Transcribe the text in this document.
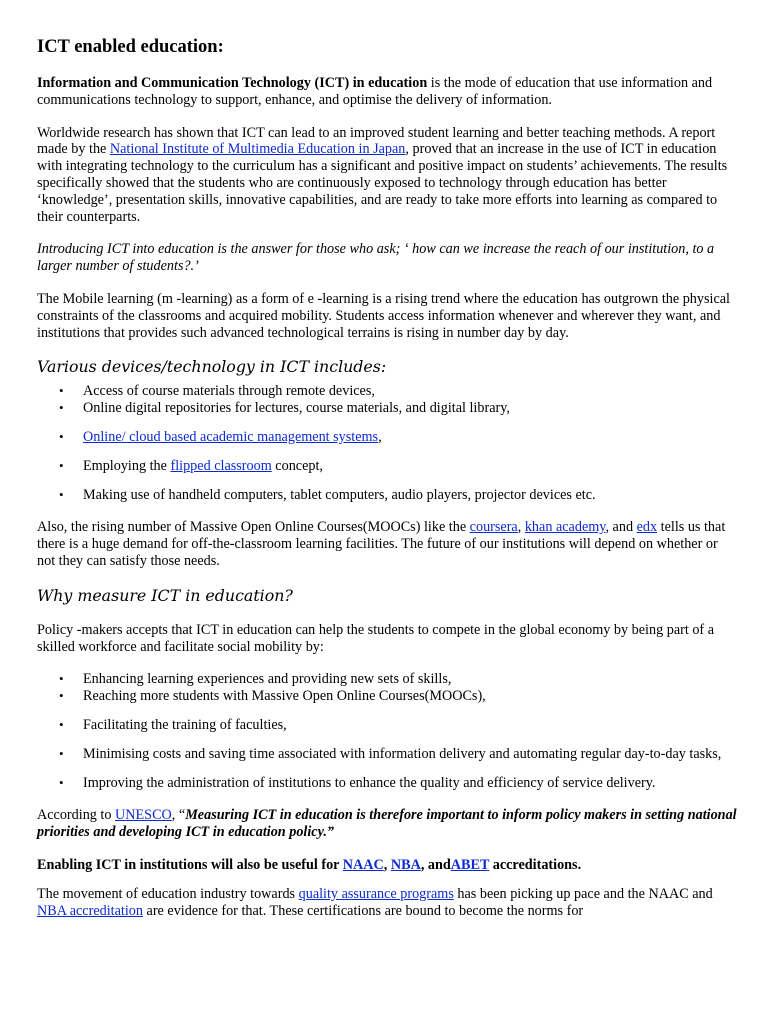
ICT enabled education:

Information and Communication Technology (ICT) in education is the mode of education that use information and communications technology to support, enhance, and optimise the delivery of information.

Worldwide research has shown that ICT can lead to an improved student learning and better teaching methods. A report made by the National Institute of Multimedia Education in Japan, proved that an increase in the use of ICT in education with integrating technology to the curriculum has a significant and positive impact on students’ achievements. The results specifically showed that the students who are continuously exposed to technology through education has better ‘knowledge’, presentation skills, innovative capabilities, and are ready to take more efforts into learning as compared to their counterparts.

Introducing ICT into education is the answer for those who ask; ‘ how can we increase the reach of our institution, to a larger number of students?.’

The Mobile learning (m -learning) as a form of e -learning is a rising trend where the education has outgrown the physical constraints of the classrooms and acquired mobility. Students access information whenever and wherever they want, and institutions that provides such advanced technological terrains is rising in number day by day.

Various devices/technology in ICT includes:
• Access of course materials through remote devices,
• Online digital repositories for lectures, course materials, and digital library,
• Online/ cloud based academic management systems,
• Employing the flipped classroom concept,
• Making use of handheld computers, tablet computers, audio players, projector devices etc.

Also, the rising number of Massive Open Online Courses(MOOCs) like the coursera, khan academy, and edx tells us that there is a huge demand for off-the-classroom learning facilities. The future of our institutions will depend on whether or not they can satisfy those needs.

Why measure ICT in education?

Policy -makers accepts that ICT in education can help the students to compete in the global economy by being part of a skilled workforce and facilitate social mobility by:

• Enhancing learning experiences and providing new sets of skills,
• Reaching more students with Massive Open Online Courses(MOOCs),
• Facilitating the training of faculties,
• Minimising costs and saving time associated with information delivery and automating regular day-to-day tasks,
• Improving the administration of institutions to enhance the quality and efficiency of service delivery.

According to UNESCO, “Measuring ICT in education is therefore important to inform policy makers in setting national priorities and developing ICT in education policy.”

Enabling ICT in institutions will also be useful for NAAC, NBA, andABET accreditations.

The movement of education industry towards quality assurance programs has been picking up pace and the NAAC and NBA accreditation are evidence for that. These certifications are bound to become the norms for
